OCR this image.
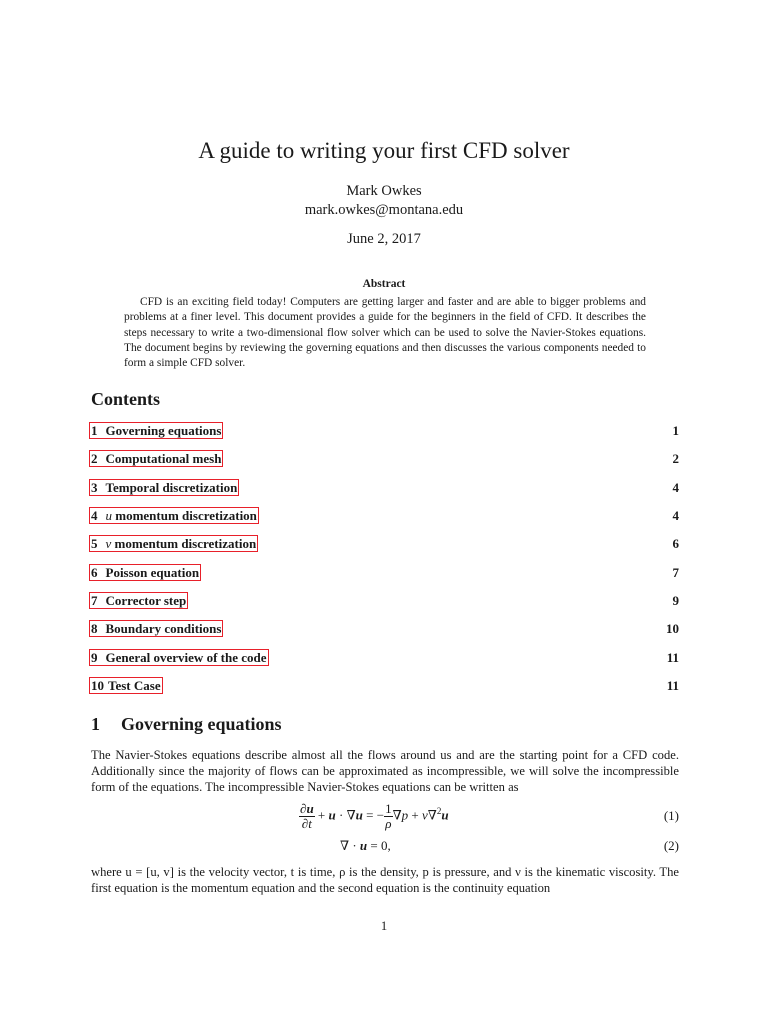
A guide to writing your first CFD solver
Mark Owkes
mark.owkes@montana.edu
June 2, 2017
Abstract

CFD is an exciting field today! Computers are getting larger and faster and are able to bigger problems and problems at a finer level. This document provides a guide for the beginners in the field of CFD. It describes the steps necessary to write a two-dimensional flow solver which can be used to solve the Navier-Stokes equations. The document begins by reviewing the governing equations and then discusses the various components needed to form a simple CFD solver.

Contents
1 Governing equations	1
2 Computational mesh	2
3 Temporal discretization	4
4 u momentum discretization	4
5 v momentum discretization	6
6 Poisson equation	7
7 Corrector step	9
8 Boundary conditions	10
9 General overview of the code	11
10 Test Case	11
1 Governing equations

The Navier-Stokes equations describe almost all the flows around us and are the starting point for a CFD code. Additionally since the majority of flows can be approximated as incompressible, we will solve the incompressible form of the equations. The incompressible Navier-Stokes equations can be written as

$\frac{\partial u}{\partial t} + u \cdot \nabla u$ = − $\frac{1}{\rho} \nabla p + \nu\nabla^2u$	(1)
∇ · u = 0,	(2)

where u = [u, v] is the velocity vector, t is time, ρ is the density, p is pressure, and ν is the kinematic viscosity. The first equation is the momentum equation and the second equation is the continuity equation

1
